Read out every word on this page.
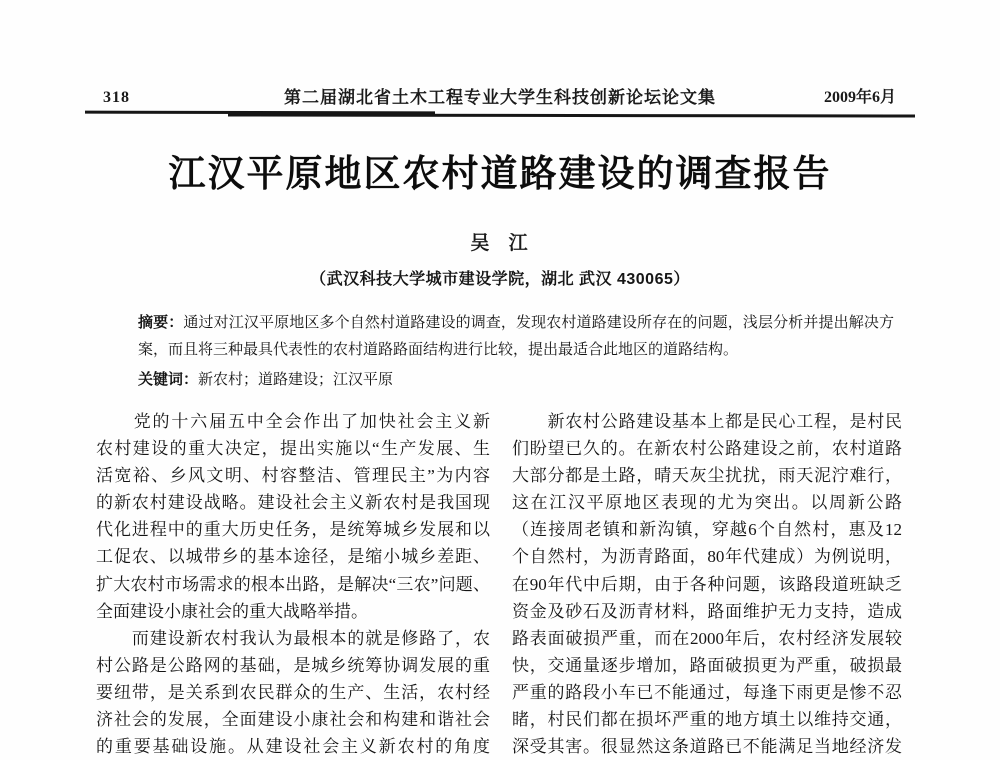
318	第二届湖北省土木工程专业大学生科技创新论坛论文集	2009年6月
江汉平原地区农村道路建设的调查报告
吴 江
（武汉科技大学城市建设学院，湖北 武汉 430065）
摘要：通过对江汉平原地区多个自然村道路建设的调查，发现农村道路建设所存在的问题，浅层分析并提出解决方案，而且将三种最具代表性的农村道路路面结构进行比较，提出最适合此地区的道路结构。
关键词：新农村；道路建设；江汉平原
　　党的十六届五中全会作出了加快社会主义新
农村建设的重大决定，提出实施以“生产发展、生
活宽裕、乡风文明、村容整洁、管理民主”为内容
的新农村建设战略。建设社会主义新农村是我国现
代化进程中的重大历史任务，是统筹城乡发展和以
工促农、以城带乡的基本途径，是缩小城乡差距、
扩大农村市场需求的根本出路，是解决“三农”问题、
全面建设小康社会的重大战略举措。
　　而建设新农村我认为最根本的就是修路了，农
村公路是公路网的基础，是城乡统筹协调发展的重
要纽带，是关系到农民群众的生产、生活，农村经
济社会的发展，全面建设小康社会和构建和谐社会
的重要基础设施。从建设社会主义新农村的角度
　　新农村公路建设基本上都是民心工程，是村民
们盼望已久的。在新农村公路建设之前，农村道路
大部分都是土路，晴天灰尘扰扰，雨天泥泞难行，
这在江汉平原地区表现的尤为突出。以周新公路
（连接周老镇和新沟镇，穿越6个自然村，惠及12
个自然村，为沥青路面，80年代建成）为例说明，
在90年代中后期，由于各种问题，该路段道班缺乏
资金及砂石及沥青材料，路面维护无力支持，造成
路表面破损严重，而在2000年后，农村经济发展较
快，交通量逐步增加，路面破损更为严重，破损最
严重的路段小车已不能通过，每逢下雨更是惨不忍
睹，村民们都在损坏严重的地方填土以维持交通，
深受其害。很显然这条道路已不能满足当地经济发
